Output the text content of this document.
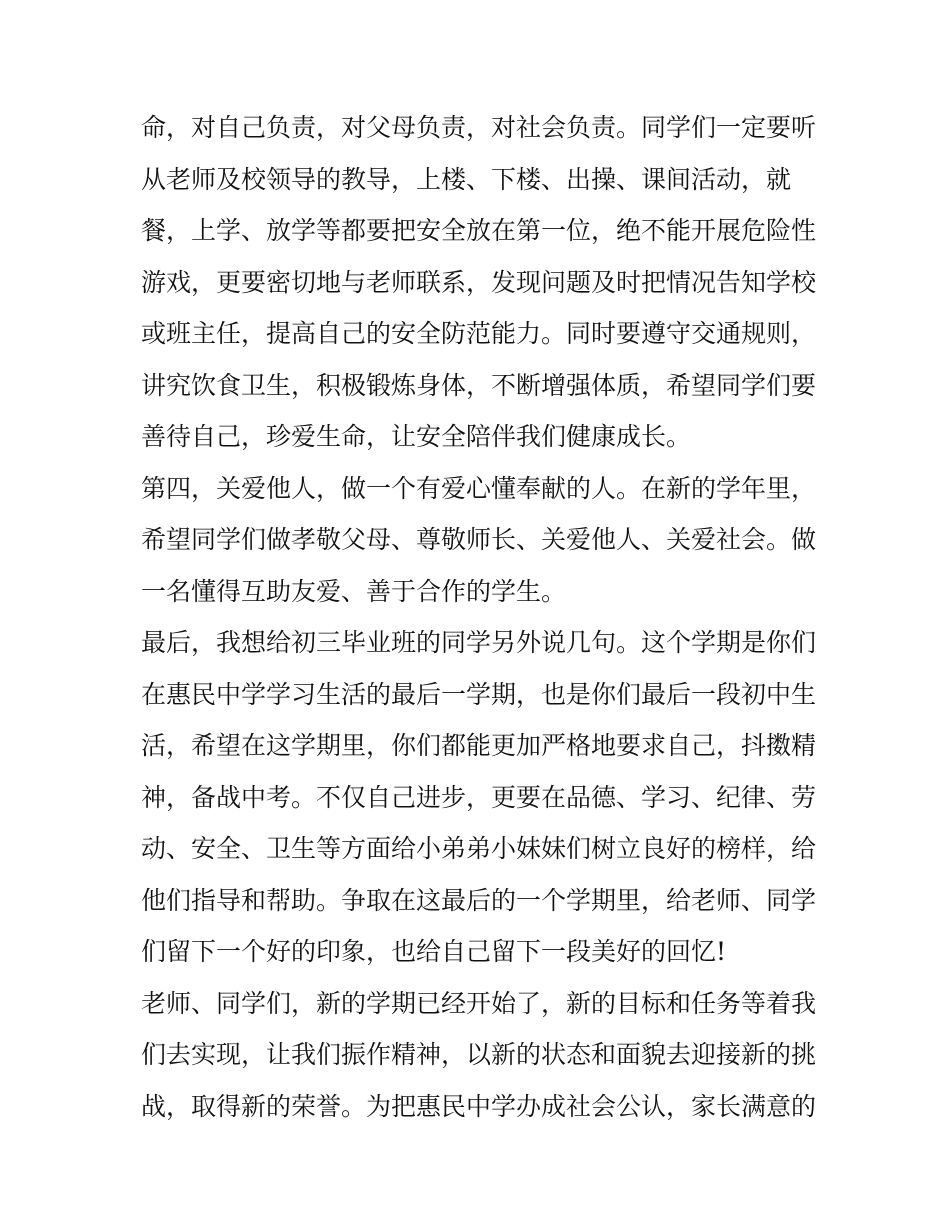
命，对自己负责，对父母负责，对社会负责。同学们一定要听
从老师及校领导的教导，上楼、下楼、出操、课间活动，就
餐，上学、放学等都要把安全放在第一位，绝不能开展危险性
游戏，更要密切地与老师联系，发现问题及时把情况告知学校
或班主任，提高自己的安全防范能力。同时要遵守交通规则，
讲究饮食卫生，积极锻炼身体，不断增强体质，希望同学们要
善待自己，珍爱生命，让安全陪伴我们健康成长。
第四，关爱他人，做一个有爱心懂奉献的人。在新的学年里，
希望同学们做孝敬父母、尊敬师长、关爱他人、关爱社会。做
一名懂得互助友爱、善于合作的学生。
最后，我想给初三毕业班的同学另外说几句。这个学期是你们
在惠民中学学习生活的最后一学期，也是你们最后一段初中生
活，希望在这学期里，你们都能更加严格地要求自己，抖擞精
神，备战中考。不仅自己进步，更要在品德、学习、纪律、劳
动、安全、卫生等方面给小弟弟小妹妹们树立良好的榜样，给
他们指导和帮助。争取在这最后的一个学期里，给老师、同学
们留下一个好的印象，也给自己留下一段美好的回忆!
老师、同学们，新的学期已经开始了，新的目标和任务等着我
们去实现，让我们振作精神，以新的状态和面貌去迎接新的挑
战，取得新的荣誉。为把惠民中学办成社会公认，家长满意的
